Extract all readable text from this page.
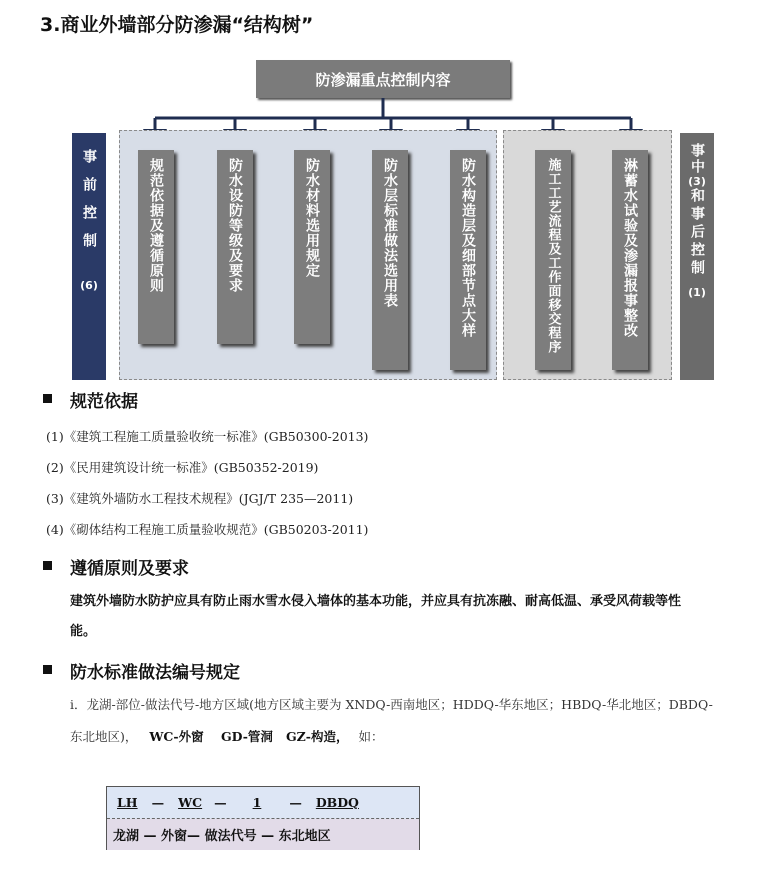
3.商业外墙部分防渗漏“结构树”
防渗漏重点控制内容
事前控制
(6)
事中
(3)
和事后控制
(1)
规范依据及遵循原则	防水设防等级及要求	防水材料选用规定	防水层标准做法选用表	防水构造层及细部节点大样	施工工艺流程及工作面移交程序	淋蓄水试验及渗漏报事整改
规范依据
(1)《建筑工程施工质量验收统一标准》(GB50300-2013)
(2)《民用建筑设计统一标准》(GB50352-2019)
(3)《建筑外墙防水工程技术规程》(JGJ/T 235—2011)
(4)《砌体结构工程施工质量验收规范》(GB50203-2011)
遵循原则及要求
建筑外墙防水防护应具有防止雨水雪水侵入墙体的基本功能，并应具有抗冻融、耐高低温、承受风荷载等性
能。
防水标准做法编号规定
i．龙湖-部位-做法代号-地方区域(地方区域主要为 XNDQ-西南地区；HDDQ-华东地区；HBDQ-华北地区；DBDQ-
东北地区)， WC-外窗    GD-管洞   GZ-构造， 如：
LH — WC — 1 — DBDQ
龙湖 — 外窗— 做法代号 — 东北地区
